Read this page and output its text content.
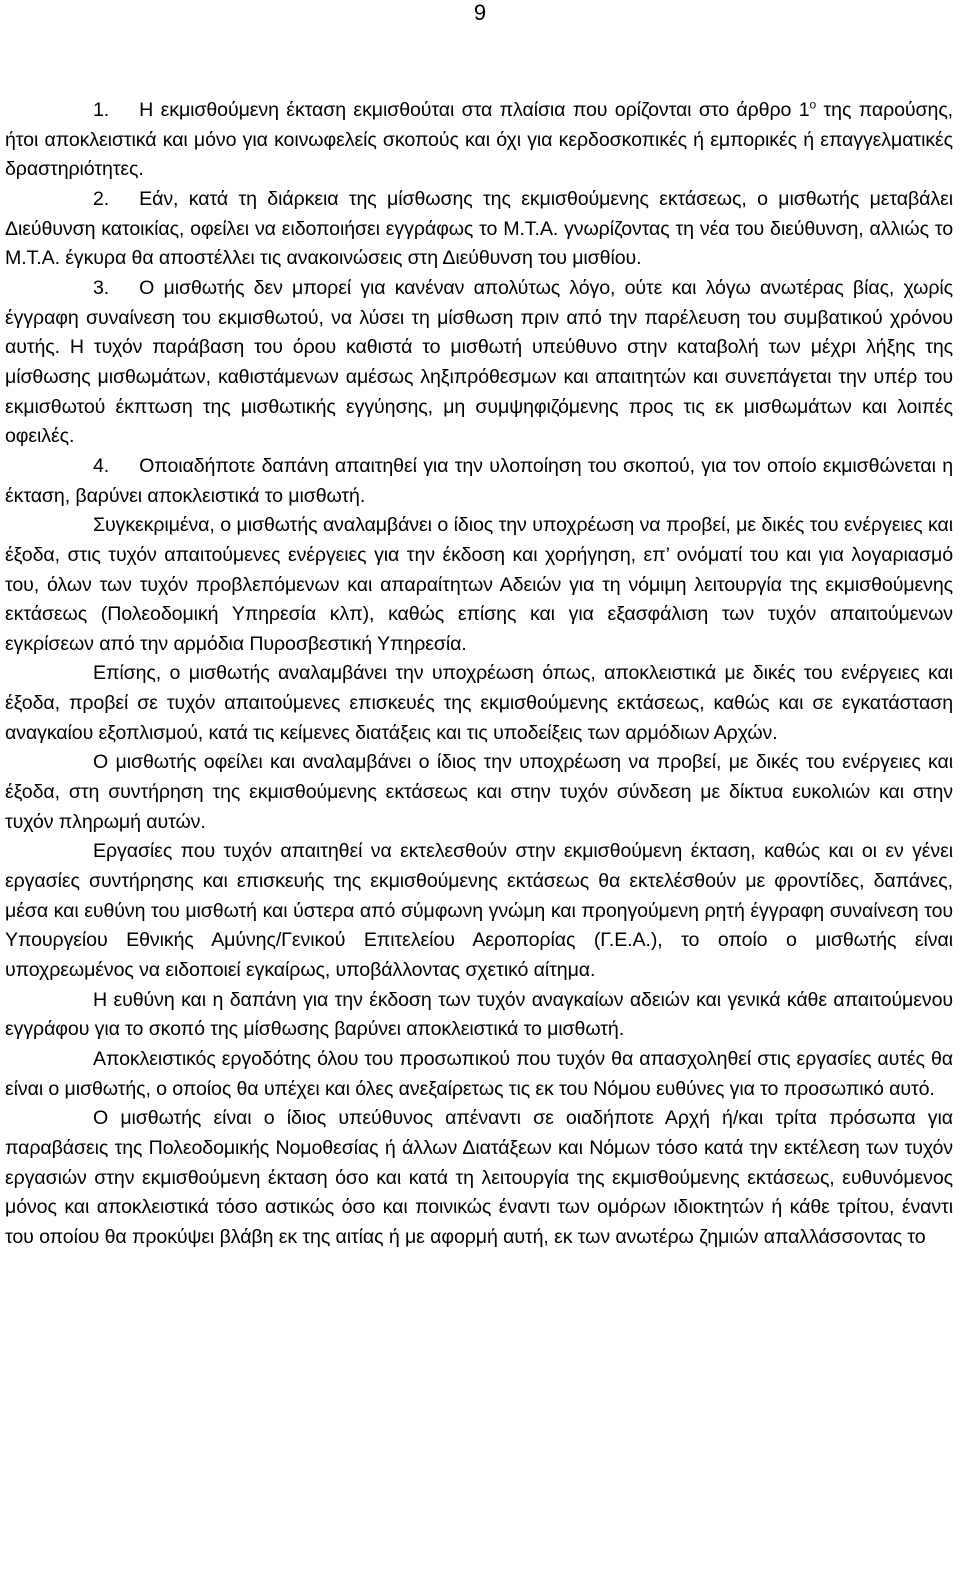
9

1. Η εκμισθούμενη έκταση εκμισθούται στα πλαίσια που ορίζονται στο άρθρο $1^o$ της παρούσης, ήτοι αποκλειστικά και μόνο για κοινωφελείς σκοπούς και όχι για κερδοσκοπικές ή εμπορικές ή επαγγελματικές δραστηριότητες.

2. Εάν, κατά τη διάρκεια της μίσθωσης της εκμισθούμενης εκτάσεως, ο μισθωτής μεταβάλει Διεύθυνση κατοικίας, οφείλει να ειδοποιήσει εγγράφως το Μ.Τ.Α. γνωρίζοντας τη νέα του διεύθυνση, αλλιώς το Μ.Τ.Α. έγκυρα θα αποστέλλει τις ανακοινώσεις στη Διεύθυνση του μισθίου.

3. Ο μισθωτής δεν μπορεί για κανέναν απολύτως λόγο, ούτε και λόγω ανωτέρας βίας, χωρίς έγγραφη συναίνεση του εκμισθωτού, να λύσει τη μίσθωση πριν από την παρέλευση του συμβατικού χρόνου αυτής. Η τυχόν παράβαση του όρου καθιστά το μισθωτή υπεύθυνο στην καταβολή των μέχρι λήξης της μίσθωσης μισθωμάτων, καθιστάμενων αμέσως ληξιπρόθεσμων και απαιτητών και συνεπάγεται την υπέρ του εκμισθωτού έκπτωση της μισθωτικής εγγύησης, μη συμψηφιζόμενης προς τις εκ μισθωμάτων και λοιπές οφειλές.

4. Οποιαδήποτε δαπάνη απαιτηθεί για την υλοποίηση του σκοπού, για τον οποίο εκμισθώνεται η έκταση, βαρύνει αποκλειστικά το μισθωτή.

Συγκεκριμένα, ο μισθωτής αναλαμβάνει ο ίδιος την υποχρέωση να προβεί, με δικές του ενέργειες και έξοδα, στις τυχόν απαιτούμενες ενέργειες για την έκδοση και χορήγηση, επ’ ονόματί του και για λογαριασμό του, όλων των τυχόν προβλεπόμενων και απαραίτητων Αδειών για τη νόμιμη λειτουργία της εκμισθούμενης εκτάσεως (Πολεοδομική Υπηρεσία κλπ), καθώς επίσης και για εξασφάλιση των τυχόν απαιτούμενων εγκρίσεων από την αρμόδια Πυροσβεστική Υπηρεσία.

Επίσης, ο μισθωτής αναλαμβάνει την υποχρέωση όπως, αποκλειστικά με δικές του ενέργειες και έξοδα, προβεί σε τυχόν απαιτούμενες επισκευές της εκμισθούμενης εκτάσεως, καθώς και σε εγκατάσταση αναγκαίου εξοπλισμού, κατά τις κείμενες διατάξεις και τις υποδείξεις των αρμόδιων Αρχών.

Ο μισθωτής οφείλει και αναλαμβάνει ο ίδιος την υποχρέωση να προβεί, με δικές του ενέργειες και έξοδα, στη συντήρηση της εκμισθούμενης εκτάσεως και στην τυχόν σύνδεση με δίκτυα ευκολιών και στην τυχόν πληρωμή αυτών.

Εργασίες που τυχόν απαιτηθεί να εκτελεσθούν στην εκμισθούμενη έκταση, καθώς και οι εν γένει εργασίες συντήρησης και επισκευής της εκμισθούμενης εκτάσεως θα εκτελέσθούν με φροντίδες, δαπάνες, μέσα και ευθύνη του μισθωτή και ύστερα από σύμφωνη γνώμη και προηγούμενη ρητή έγγραφη συναίνεση του Υπουργείου Εθνικής Αμύνης/Γενικού Επιτελείου Αεροπορίας (Γ.Ε.Α.), το οποίο ο μισθωτής είναι υποχρεωμένος να ειδοποιεί εγκαίρως, υποβάλλοντας σχετικό αίτημα.

Η ευθύνη και η δαπάνη για την έκδοση των τυχόν αναγκαίων αδειών και γενικά κάθε απαιτούμενου εγγράφου για το σκοπό της μίσθωσης βαρύνει αποκλειστικά το μισθωτή.

Αποκλειστικός εργοδότης όλου του προσωπικού που τυχόν θα απασχοληθεί στις εργασίες αυτές θα είναι ο μισθωτής, ο οποίος θα υπέχει και όλες ανεξαίρετως τις εκ του Νόμου ευθύνες για το προσωπικό αυτό.

Ο μισθωτής είναι ο ίδιος υπεύθυνος απέναντι σε οιαδήποτε Αρχή ή/και τρίτα πρόσωπα για παραβάσεις της Πολεοδομικής Νομοθεσίας ή άλλων Διατάξεων και Νόμων τόσο κατά την εκτέλεση των τυχόν εργασιών στην εκμισθούμενη έκταση όσο και κατά τη λειτουργία της εκμισθούμενης εκτάσεως, ευθυνόμενος μόνος και αποκλειστικά τόσο αστικώς όσο και ποινικώς έναντι των ομόρων ιδιοκτητών ή κάθε τρίτου, έναντι του οποίου θα προκύψει βλάβη εκ της αιτίας ή με αφορμή αυτή, εκ των ανωτέρω ζημιών απαλλάσσοντας το
